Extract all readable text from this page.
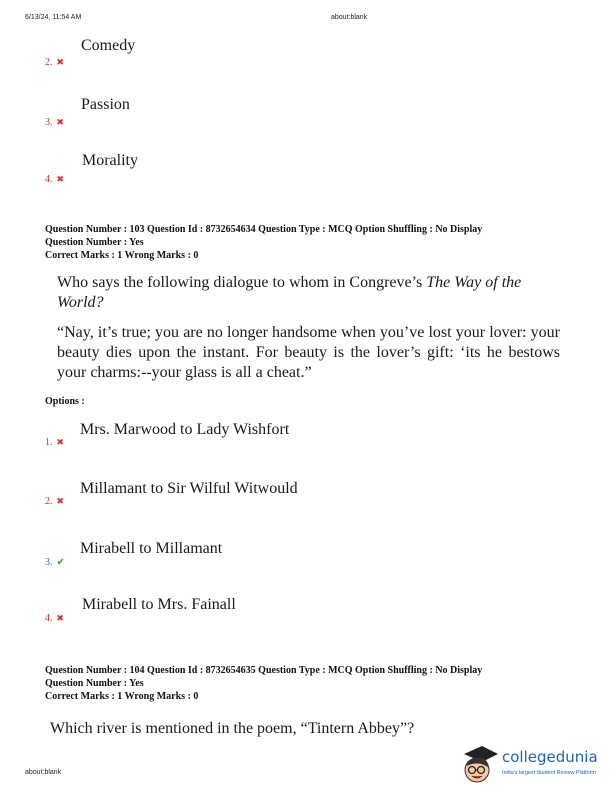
6/13/24, 11:54 AM	about:blank
Comedy
2. ✖
Passion
3. ✖
Morality
4. ✖
Question Number : 103 Question Id : 8732654634 Question Type : MCQ Option Shuffling : No Display
Question Number : Yes
Correct Marks : 1 Wrong Marks : 0
Who says the following dialogue to whom in Congreve’s The Way of the World?
“Nay, it’s true; you are no longer handsome when you’ve lost your lover: your beauty dies upon the instant. For beauty is the lover’s gift: ‘its he bestows your charms:--your glass is all a cheat.”
Options :
Mrs. Marwood to Lady Wishfort
1. ✖
Millamant to Sir Wilful Witwould
2. ✖
Mirabell to Millamant
3. ✔
Mirabell to Mrs. Fainall
4. ✖
Question Number : 104 Question Id : 8732654635 Question Type : MCQ Option Shuffling : No Display
Question Number : Yes
Correct Marks : 1 Wrong Marks : 0
Which river is mentioned in the poem, “Tintern Abbey”?
about:blank
collegedunia
India's largest Student Review Platform
